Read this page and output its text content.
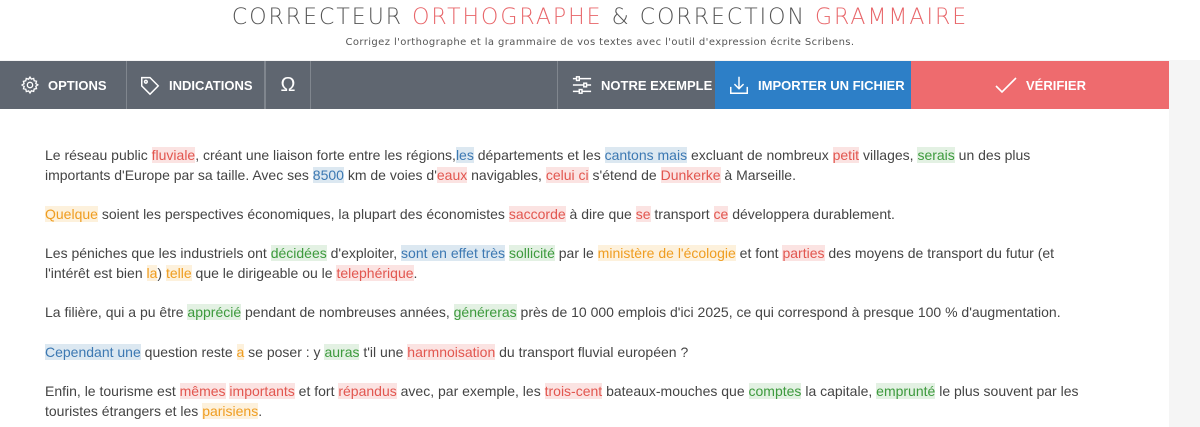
CORRECTEUR ORTHOGRAPHE & CORRECTION GRAMMAIRE
Corrigez l'orthographe et la grammaire de vos textes avec l'outil d'expression écrite Scribens.
OPTIONS	INDICATIONS Ω	NOTRE EXEMPLE	IMPORTER UN FICHIER	VÉRIFIER
Le réseau public fluviale, créant une liaison forte entre les régions,les départements et les cantons mais excluant de nombreux petit villages, serais un des plus
importants d'Europe par sa taille. Avec ses 8500 km de voies d'eaux navigables, celui ci s'étend de Dunkerke à Marseille.
Quelque soient les perspectives économiques, la plupart des économistes saccorde à dire que se transport ce développera durablement.
Les péniches que les industriels ont décidées d'exploiter, sont en effet très sollicité par le ministère de l'écologie et font parties des moyens de transport du futur (et
l'intérêt est bien la) telle que le dirigeable ou le telephérique.
La filière, qui a pu être apprécié pendant de nombreuses années, généreras près de 10 000 emplois d'ici 2025, ce qui correspond à presque 100 % d'augmentation.
Cependant une question reste a se poser : y auras t'il une harmnoisation du transport fluvial européen ?
Enfin, le tourisme est mêmes importants et fort répandus avec, par exemple, les trois-cent bateaux-mouches que comptes la capitale, emprunté le plus souvent par les
touristes étrangers et les parisiens.
